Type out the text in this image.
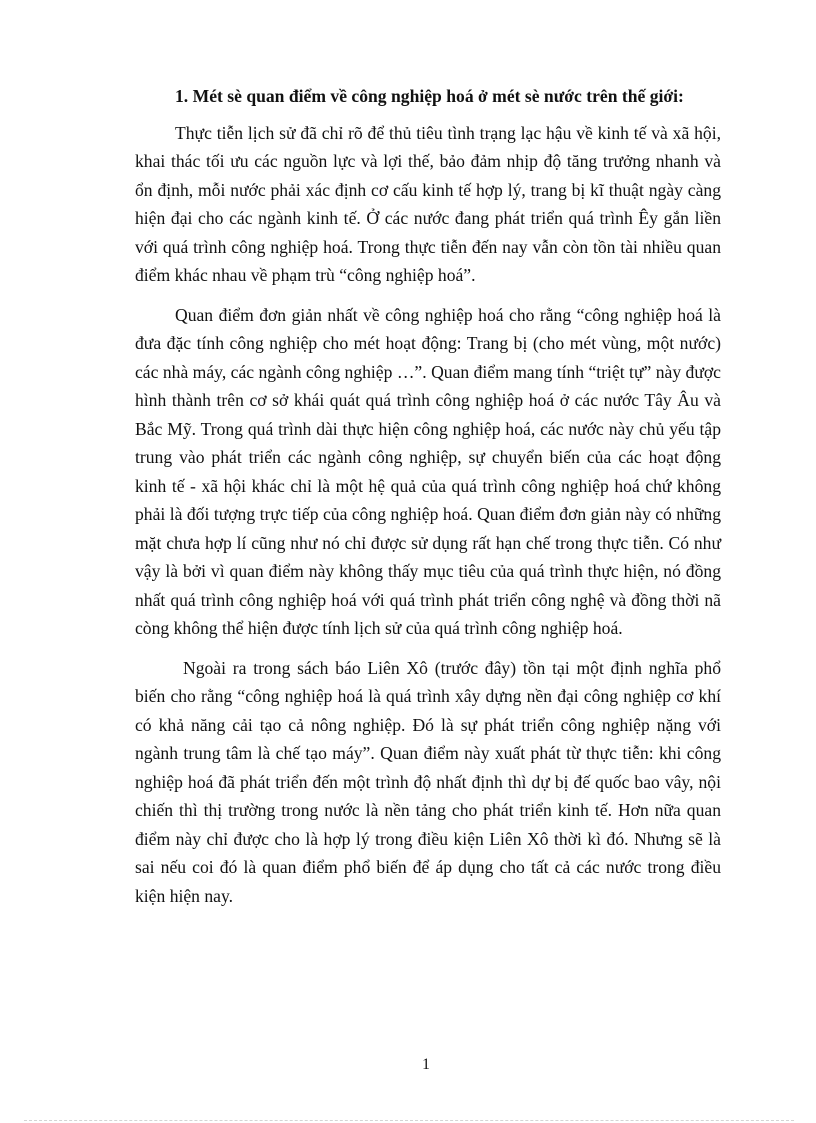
1. Mét sè quan điểm về công nghiệp hoá ở mét sè nước trên thế giới:

Thực tiễn lịch sử đã chỉ rõ để thủ tiêu tình trạng lạc hậu về kinh tế và xã hội, khai thác tối ưu các nguồn lực và lợi thế, bảo đảm nhịp độ tăng trưởng nhanh và ổn định, mỗi nước phải xác định cơ cấu kinh tế hợp lý, trang bị kĩ thuật ngày càng hiện đại cho các ngành kinh tế. Ở các nước đang phát triển quá trình Êy gắn liền với quá trình công nghiệp hoá. Trong thực tiễn đến nay vẫn còn tồn tài nhiều quan điểm khác nhau về phạm trù “công nghiệp hoá”.

Quan điểm đơn giản nhất về công nghiệp hoá cho rằng “công nghiệp hoá là đưa đặc tính công nghiệp cho mét hoạt động: Trang bị (cho mét vùng, một nước) các nhà máy, các ngành công nghiệp …”. Quan điểm mang tính “triệt tự” này được hình thành trên cơ sở khái quát quá trình công nghiệp hoá ở các nước Tây Âu và Bắc Mỹ. Trong quá trình dài thực hiện công nghiệp hoá, các nước này chủ yếu tập trung vào phát triển các ngành công nghiệp, sự chuyển biến của các hoạt động kinh tế - xã hội khác chỉ là một hệ quả của quá trình công nghiệp hoá chứ không phải là đối tượng trực tiếp của công nghiệp hoá. Quan điểm đơn giản này có những mặt chưa hợp lí cũng như nó chỉ được sử dụng rất hạn chế trong thực tiễn. Có như vậy là bởi vì quan điểm này không thấy mục tiêu của quá trình thực hiện, nó đồng nhất quá trình công nghiệp hoá với quá trình phát triển công nghệ và đồng thời nã còng không thể hiện được tính lịch sử của quá trình công nghiệp hoá.

Ngoài ra trong sách báo Liên Xô (trước đây) tồn tại một định nghĩa phổ biến cho rằng “công nghiệp hoá là quá trình xây dựng nền đại công nghiệp cơ khí có khả năng cải tạo cả nông nghiệp. Đó là sự phát triển công nghiệp nặng với ngành trung tâm là chế tạo máy”. Quan điểm này xuất phát từ thực tiễn: khi công nghiệp hoá đã phát triển đến một trình độ nhất định thì dự bị đế quốc bao vây, nội chiến thì thị trường trong nước là nền tảng cho phát triển kinh tế. Hơn nữa quan điểm này chỉ được cho là hợp lý trong điều kiện Liên Xô thời kì đó. Nhưng sẽ là sai nếu coi đó là quan điểm phổ biến để áp dụng cho tất cả các nước trong điều kiện hiện nay.

1
